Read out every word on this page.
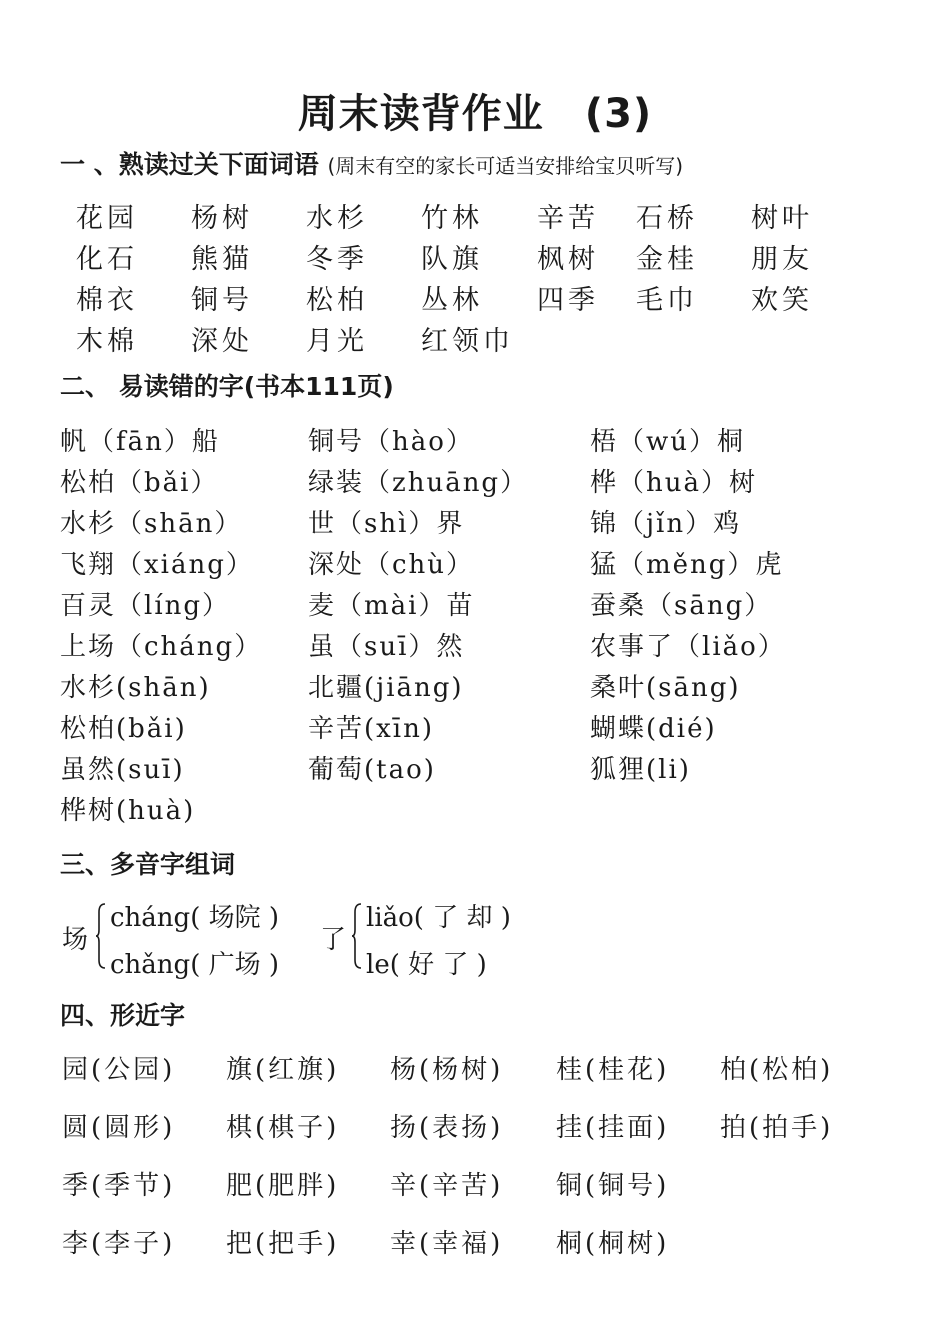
周末读背作业　(3)
一 、熟读过关下面词语 (周末有空的家长可适当安排给宝贝听写)
花园 杨树 水杉 竹林 辛苦 石桥 树叶
化石 熊猫 冬季 队旗 枫树 金桂 朋友
棉衣 铜号 松柏 丛林 四季 毛巾 欢笑
木棉 深处 月光 红领巾
二、 易读错的字(书本111页)
帆（fān）船
松柏（bǎi）
水杉（shān）
飞翔（xiáng）
百灵（líng）
上场（cháng）
水杉(shān)
松柏(bǎi)
虽然(suī)
桦树(huà)
铜号（hào）
绿装（zhuāng）
世（shì）界
深处（chù）
麦（mài）苗
虽（suī）然
北疆(jiāng)
辛苦(xīn)
葡萄(tao)
梧（wú）桐
桦（huà）树
锦（jǐn）鸡
猛（měng）虎
蚕桑（sāng）
农事了（liǎo）
桑叶(sāng)
蝴蝶(dié)
狐狸(li)
三、多音字组词
场
cháng( 场院 )
chǎng( 广场 )
了
liǎo( 了 却 )
le( 好 了 )
四、形近字
园(公园) 旗(红旗) 杨(杨树) 桂(桂花) 柏(松柏)
圆(圆形) 棋(棋子) 扬(表扬) 挂(挂面) 拍(拍手)
季(季节) 肥(肥胖) 辛(辛苦) 铜(铜号)
李(李子) 把(把手) 幸(幸福) 桐(桐树)
